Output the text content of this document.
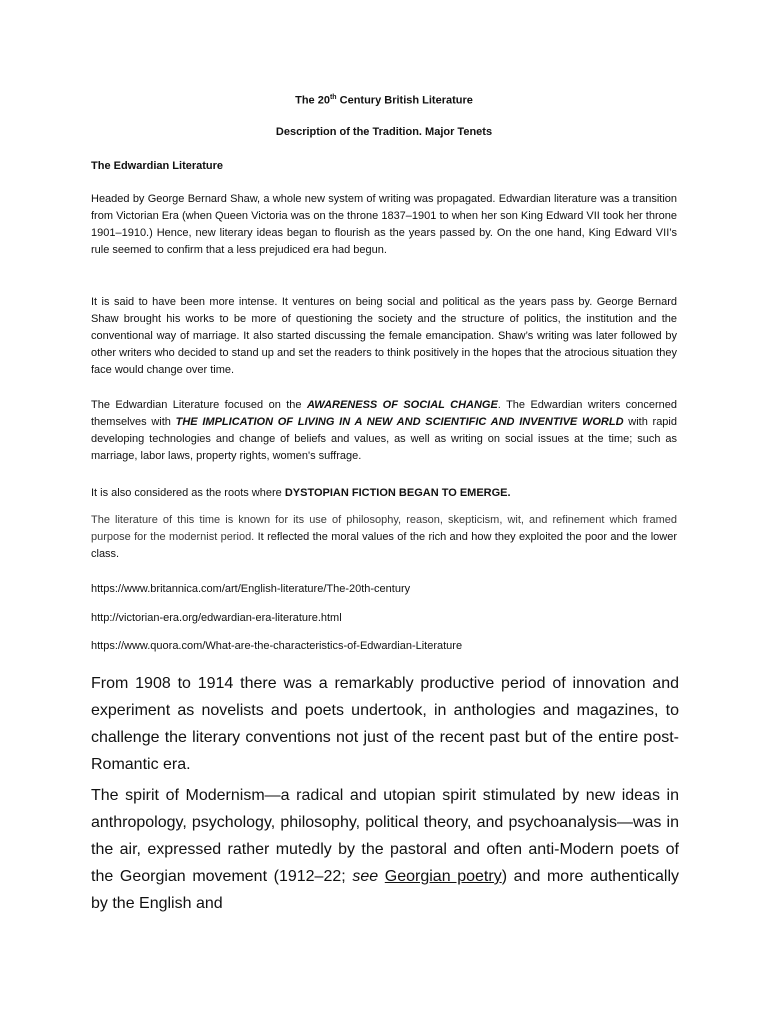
The 20th Century British Literature
Description of the Tradition. Major Tenets
The Edwardian Literature

Headed by George Bernard Shaw, a whole new system of writing was propagated. Edwardian literature was a transition from Victorian Era (when Queen Victoria was on the throne 1837–1901 to when her son King Edward VII took her throne 1901–1910.) Hence, new literary ideas began to flourish as the years passed by. On the one hand, King Edward VII’s rule seemed to confirm that a less prejudiced era had begun.

It is said to have been more intense. It ventures on being social and political as the years pass by. George Bernard Shaw brought his works to be more of questioning the society and the structure of politics, the institution and the conventional way of marriage. It also started discussing the female emancipation. Shaw’s writing was later followed by other writers who decided to stand up and set the readers to think positively in the hopes that the atrocious situation they face would change over time.

The Edwardian Literature focused on the AWARENESS OF SOCIAL CHANGE. The Edwardian writers concerned themselves with THE IMPLICATION OF LIVING IN A NEW AND SCIENTIFIC AND INVENTIVE WORLD with rapid developing technologies and change of beliefs and values, as well as writing on social issues at the time; such as marriage, labor laws, property rights, women's suffrage.

It is also considered as the roots where DYSTOPIAN FICTION BEGAN TO EMERGE.

The literature of this time is known for its use of philosophy, reason, skepticism, wit, and refinement which framed purpose for the modernist period. It reflected the moral values of the rich and how they exploited the poor and the lower class.

https://www.britannica.com/art/English-literature/The-20th-century
http://victorian-era.org/edwardian-era-literature.html
https://www.quora.com/What-are-the-characteristics-of-Edwardian-Literature

From 1908 to 1914 there was a remarkably productive period of innovation and experiment as novelists and poets undertook, in anthologies and magazines, to challenge the literary conventions not just of the recent past but of the entire post-Romantic era.

The spirit of Modernism—a radical and utopian spirit stimulated by new ideas in anthropology, psychology, philosophy, political theory, and psychoanalysis—was in the air, expressed rather mutedly by the pastoral and often anti-Modern poets of the Georgian movement (1912–22; see Georgian poetry) and more authentically by the English and
